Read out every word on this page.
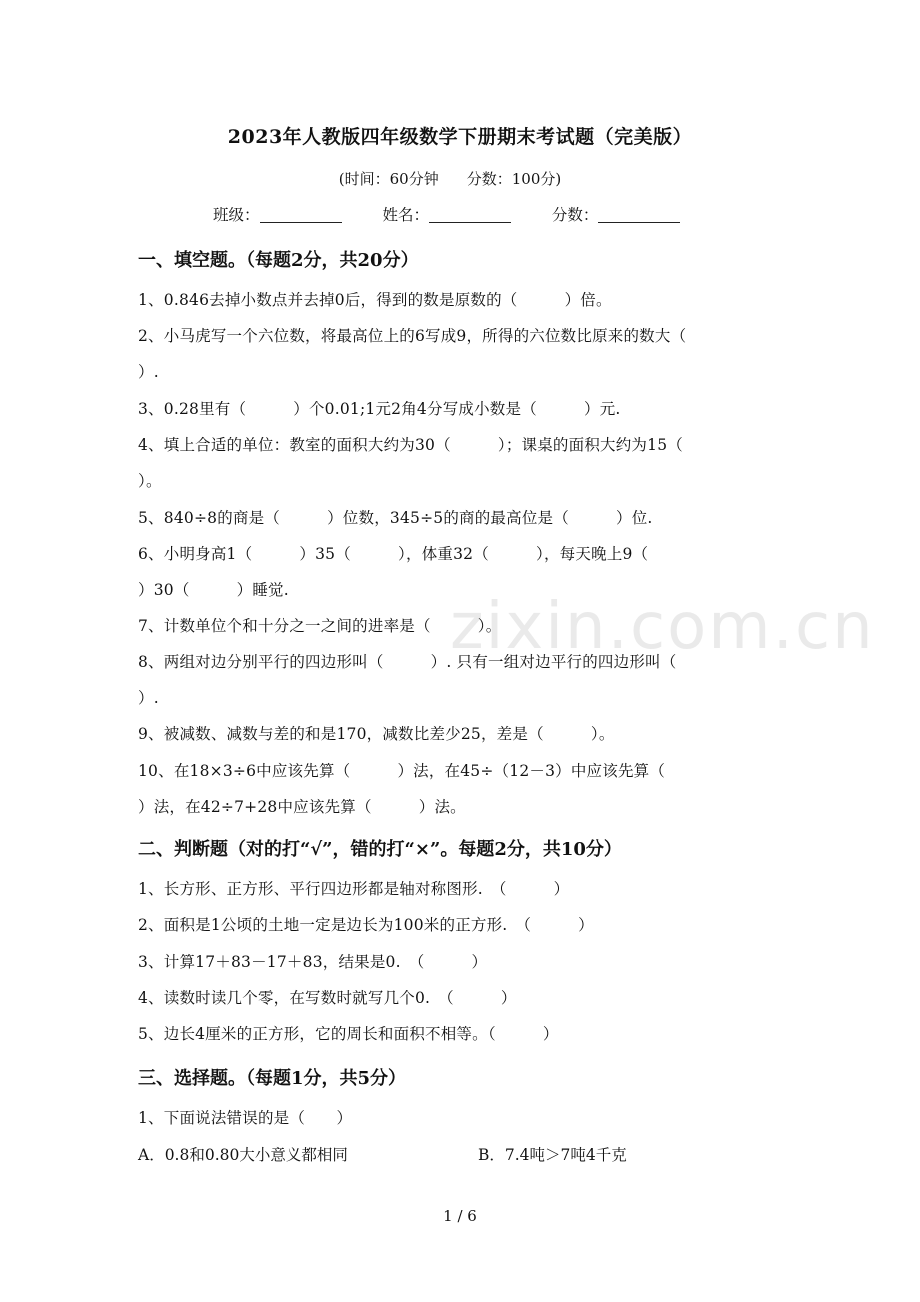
zixin.com.cn
2023年人教版四年级数学下册期末考试题（完美版）
(时间：60分钟 分数：100分)
班级：	姓名：	分数：
一、填空题。（每题2分，共20分）
1、0.846去掉小数点并去掉0后，得到的数是原数的（　　　）倍。
2、小马虎写一个六位数，将最高位上的6写成9，所得的六位数比原来的数大（
）.
3、0.28里有（　　　）个0.01;1元2角4分写成小数是（　　　）元.
4、填上合适的单位：教室的面积大约为30（　　　）；课桌的面积大约为15（
）。
5、840÷8的商是（　　　）位数，345÷5的商的最高位是（　　　）位.
6、小明身高1（　　　）35（　　　），体重32（　　　），每天晚上9（
）30（　　　）睡觉.
7、计数单位个和十分之一之间的进率是（　　　）。
8、两组对边分别平行的四边形叫（　　　）. 只有一组对边平行的四边形叫（
）.
9、被减数、减数与差的和是170，减数比差少25，差是（　　　）。
10、在18×3÷6中应该先算（　　　）法，在45÷（12－3）中应该先算（
）法，在42÷7+28中应该先算（　　　）法。
二、判断题（对的打“√”，错的打“×”。每题2分，共10分）
1、长方形、正方形、平行四边形都是轴对称图形.　（　　　）
2、面积是1公顷的土地一定是边长为100米的正方形.　（　　　）
3、计算17＋83－17＋83，结果是0.　（　　　）
4、读数时读几个零，在写数时就写几个0.　（　　　）
5、边长4厘米的正方形，它的周长和面积不相等。（　　　）
三、选择题。（每题1分，共5分）
1、下面说法错误的是（　　）
A．0.8和0.80大小意义都相同	B．7.4吨＞7吨4千克
1 / 6
